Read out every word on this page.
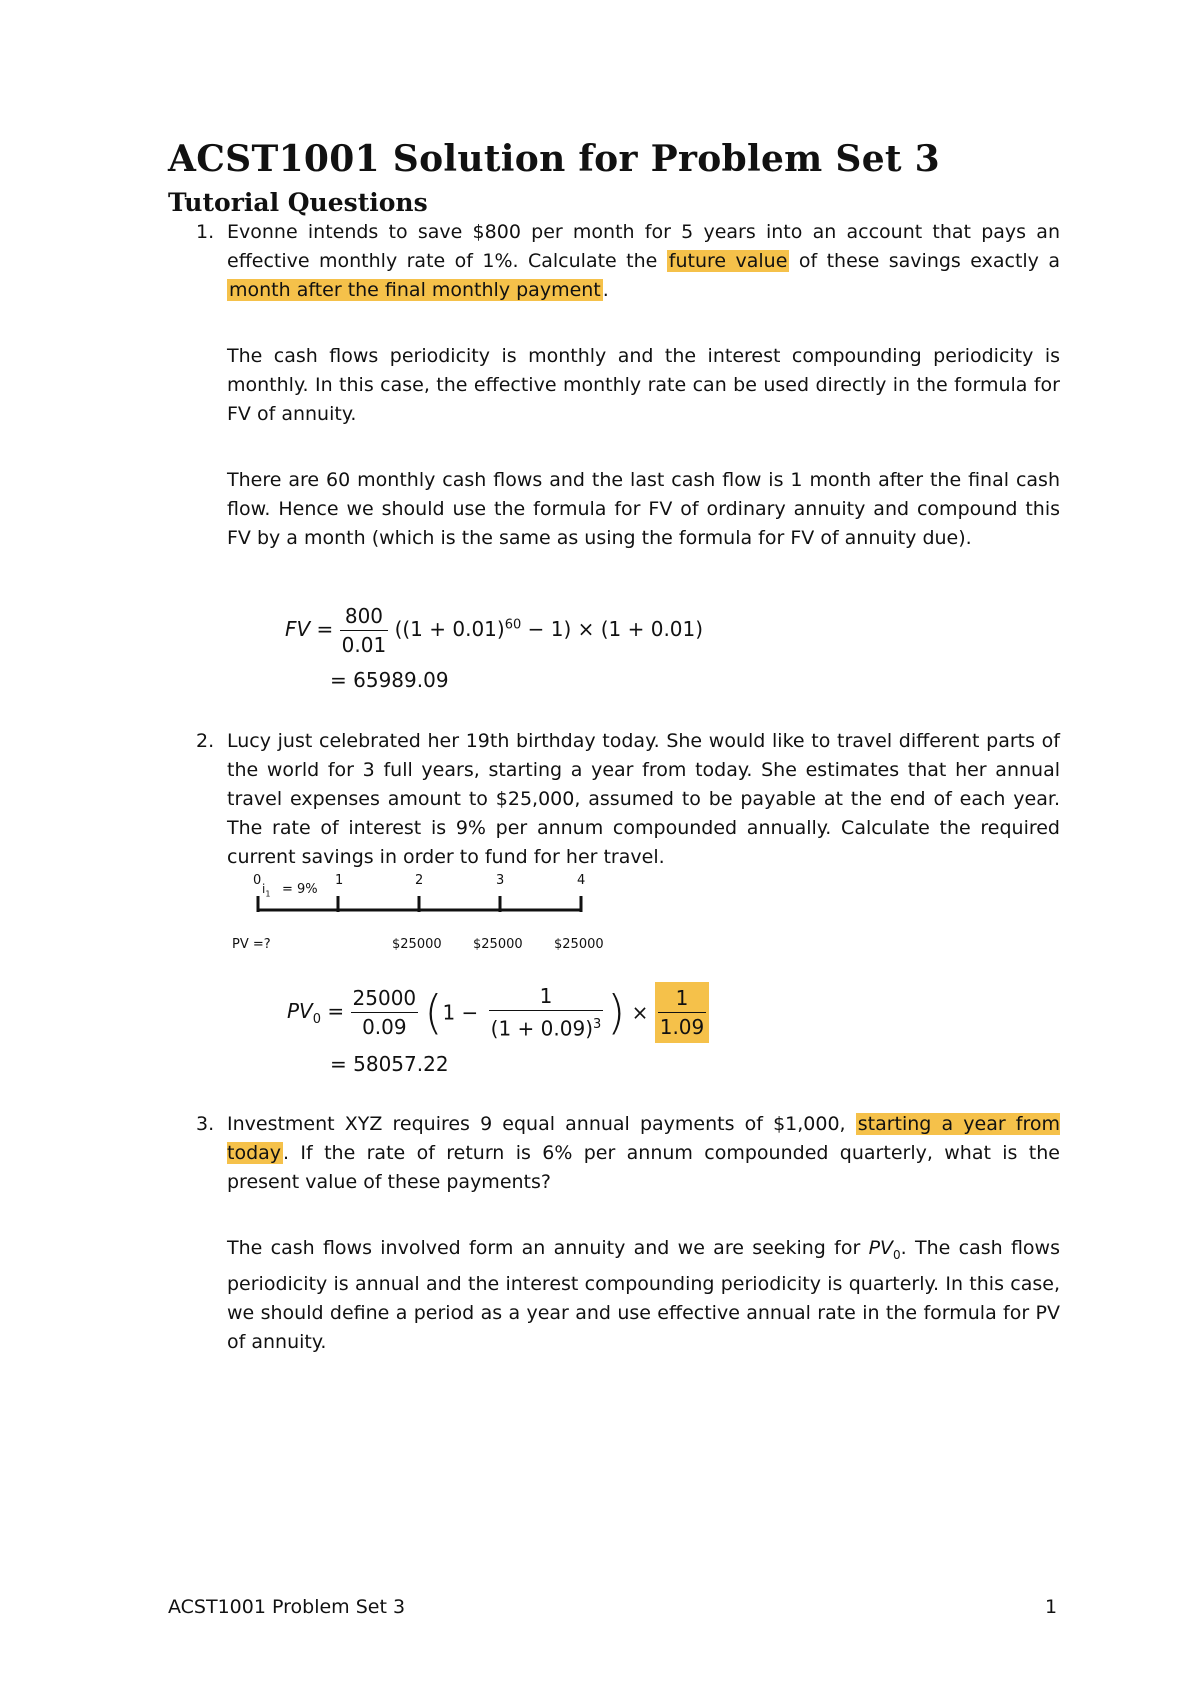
ACST1001 Solution for Problem Set 3
Tutorial Questions
1. Evonne intends to save $800 per month for 5 years into an account that pays an effective monthly rate of 1%. Calculate the future value of these savings exactly a month after the final monthly payment .
The cash flows periodicity is monthly and the interest compounding periodicity is monthly. In this case, the effective monthly rate can be used directly in the formula for FV of annuity.
There are 60 monthly cash flows and the last cash flow is 1 month after the final cash flow. Hence we should use the formula for FV of ordinary annuity and compound this FV by a month (which is the same as using the formula for FV of annuity due).
FV = $\frac{800}{0.01} ((1 + 0.01)^{60} - 1) \times (1 + 0.01)$
= 65989.09
2. Lucy just celebrated her 19th birthday today. She would like to travel different parts of the world for 3 full years, starting a year from today. She estimates that her annual travel expenses amount to $25,000, assumed to be payable at the end of each year. The rate of interest is 9% per annum compounded annually. Calculate the required current savings in order to fund for her travel.
0
$i_1 = 9\%$
1	2	3	4
PV =?	$25000 $25000 $25000
$PV_0 = \frac{25000}{0.09} (1 - \frac{1}{(1 + 0.09)^3}$ ) × $\frac{1}{1.09}$
= 58057.22
3. Investment XYZ requires 9 equal annual payments of $1,000, starting a year from today . If the rate of return is 6% per annum compounded quarterly, what is the present value of these payments?
The cash flows involved form an annuity and we are seeking for $PV_0$. The cash flows periodicity is annual and the interest compounding periodicity is quarterly. In this case, we should define a period as a year and use effective annual rate in the formula for PV of annuity.
ACST1001 Problem Set 3	1
